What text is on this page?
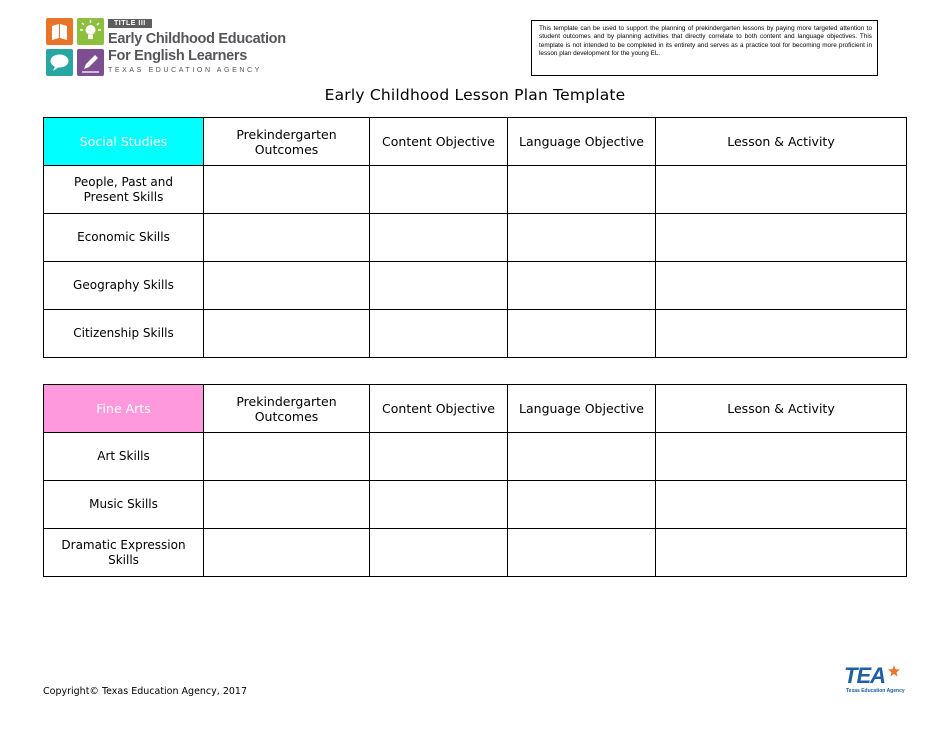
TITLE III
Early Childhood Education
For English Learners
TEXAS EDUCATION AGENCY
This template can be used to support the planning of prekindergarten lessons by paying more targeted attention to student outcomes and by planning activities that directly correlate to both content and language objectives. This template is not intended to be completed in its entirety and serves as a practice tool for becoming more proficient in lesson plan development for the young EL.
Early Childhood Lesson Plan Template
Social Studies	Prekindergarten Outcomes	Content Objective	Language Objective	Lesson & Activity
People, Past and Present Skills				
Economic Skills				
Geography Skills				
Citizenship Skills				
Fine Arts	Prekindergarten Outcomes	Content Objective	Language Objective	Lesson & Activity
Art Skills				
Music Skills				
Dramatic Expression Skills				
Copyright© Texas Education Agency, 2017
TEA
Texas Education Agency
